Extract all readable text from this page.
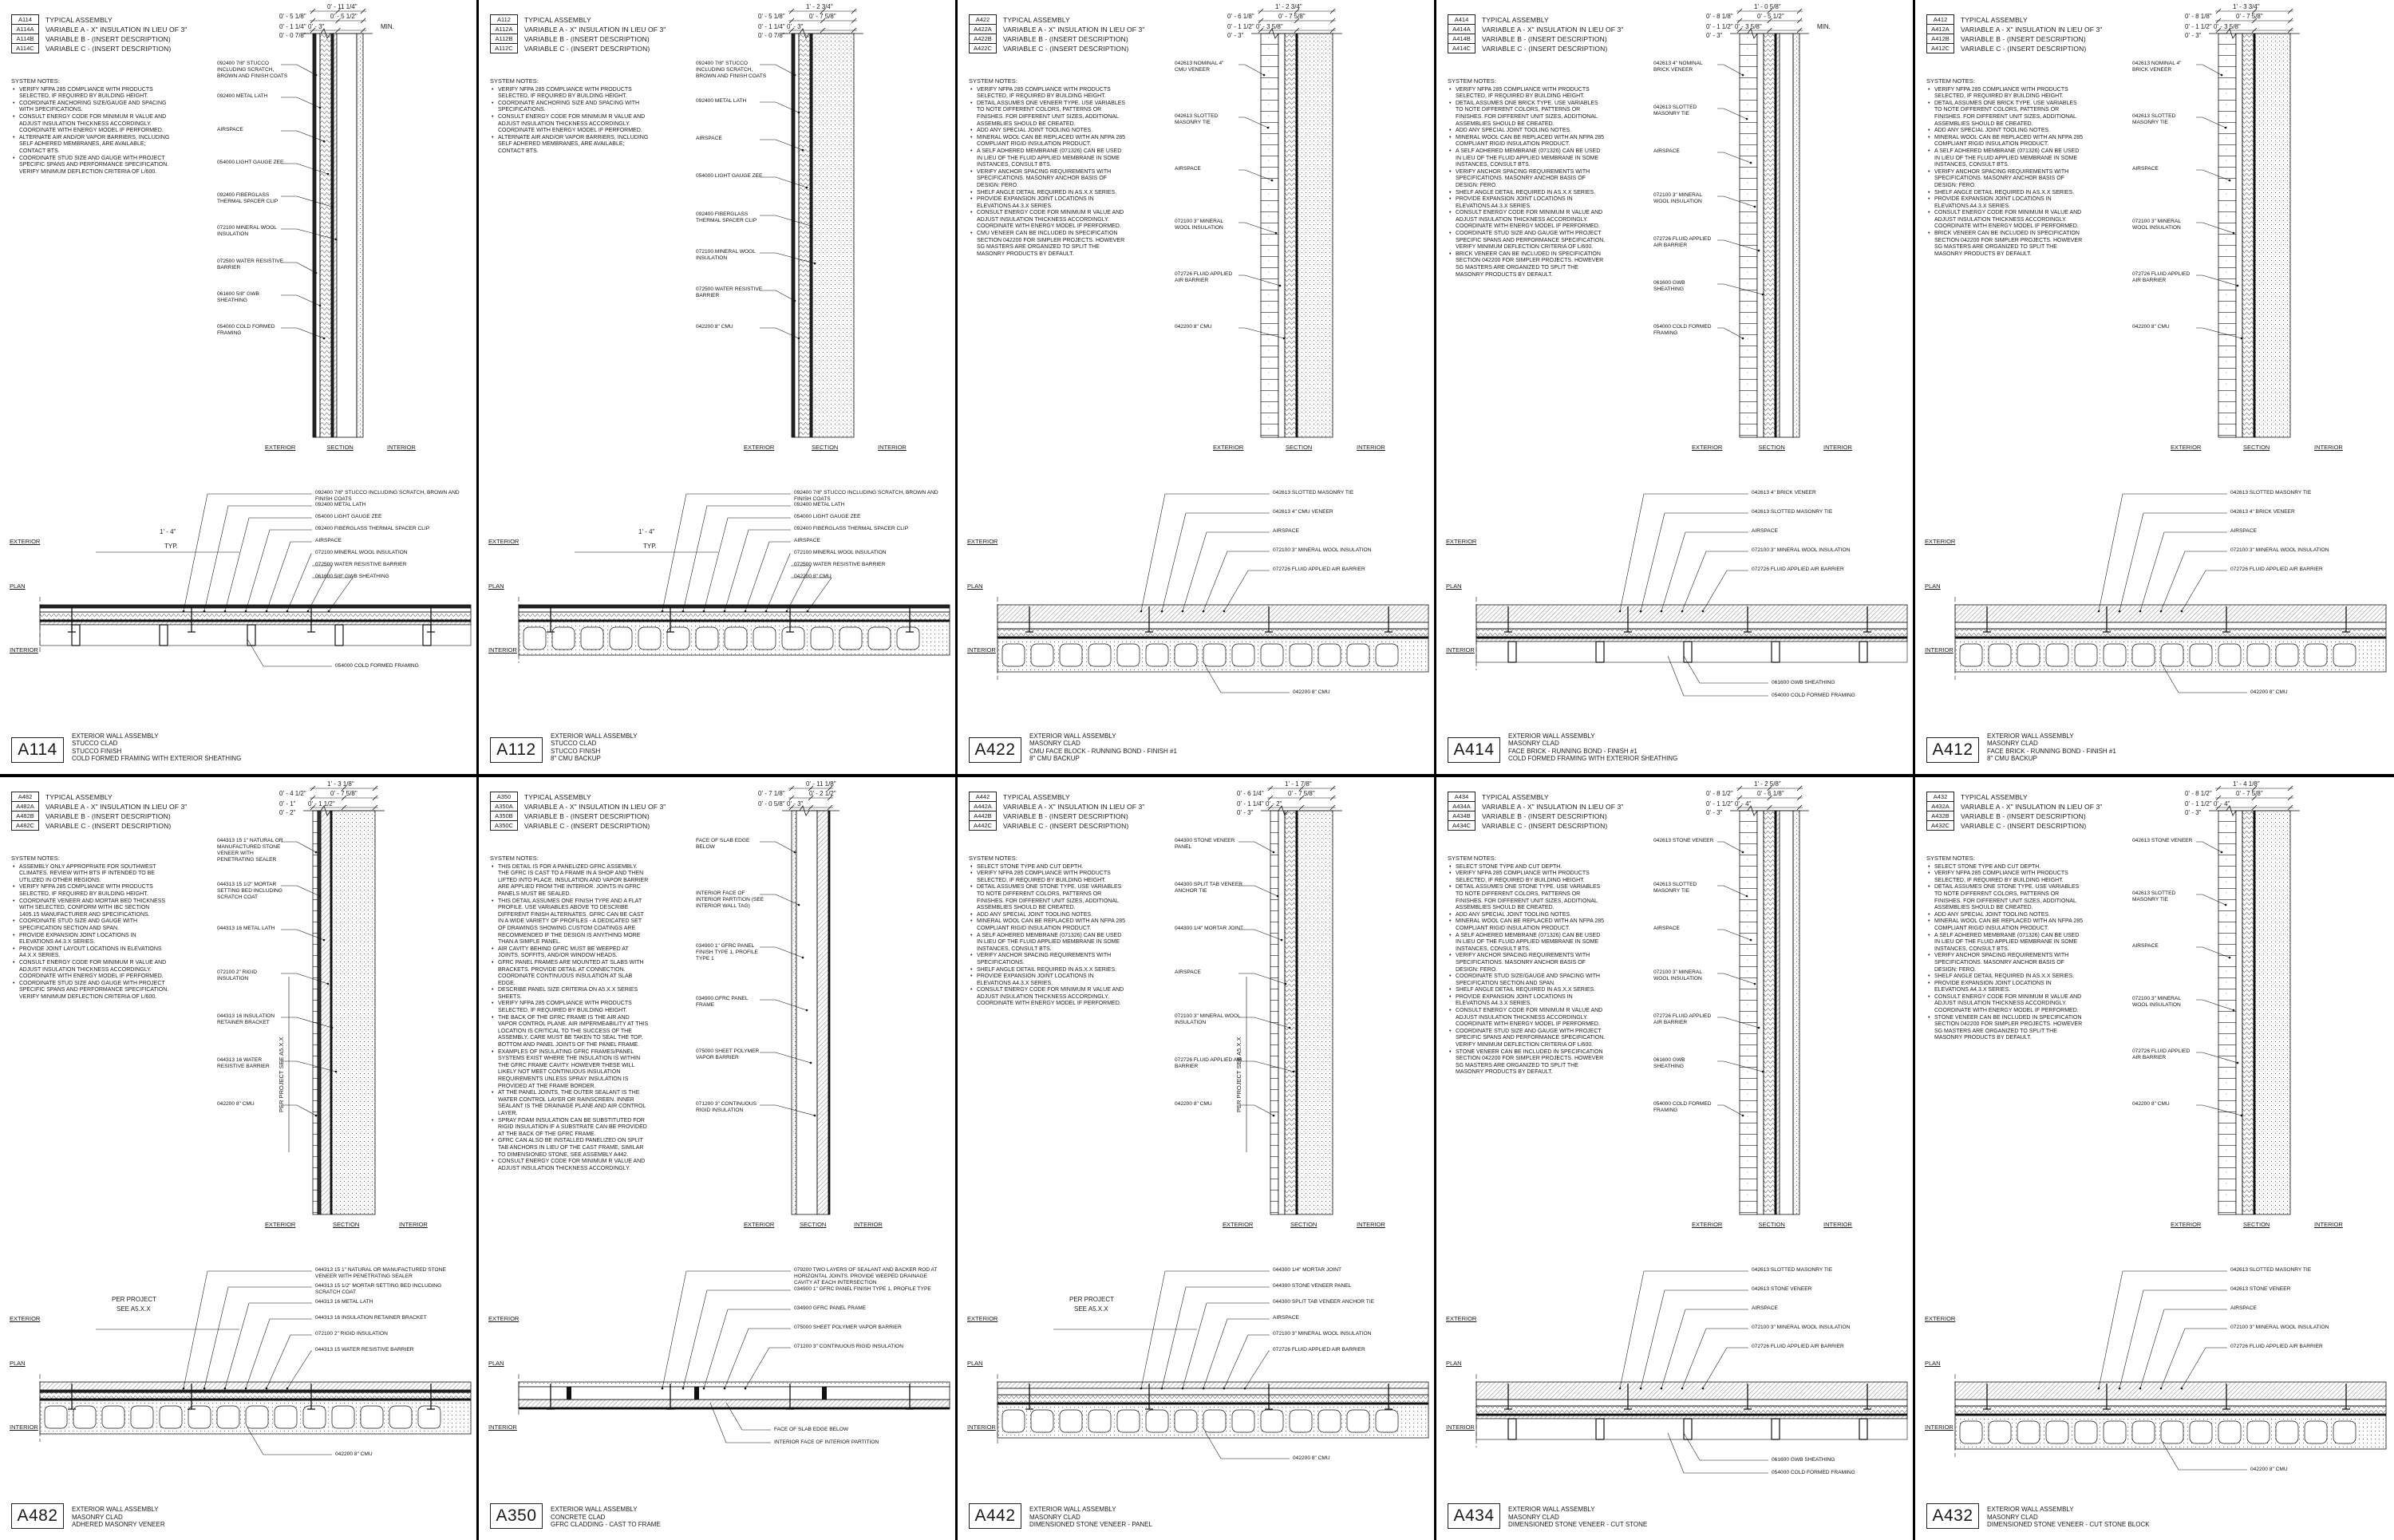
A114	TYPICAL ASSEMBLY
A114A	VARIABLE A - X" INSULATION IN LIEU OF 3"
A114B	VARIABLE B - (INSERT DESCRIPTION)
A114C	VARIABLE C - (INSERT DESCRIPTION)
SYSTEM NOTES:
• VERIFY NFPA 285 COMPLIANCE WITH PRODUCTS SELECTED, IF REQUIRED BY BUILDING HEIGHT.
• COORDINATE ANCHORING SIZE/GAUGE AND SPACING WITH SPECIFICATIONS.
• CONSULT ENERGY CODE FOR MINIMUM R VALUE AND ADJUST INSULATION THICKNESS ACCORDINGLY. COORDINATE WITH ENERGY MODEL IF PERFORMED.
• ALTERNATE AIR AND/OR VAPOR BARRIERS, INCLUDING SELF ADHERED MEMBRANES, ARE AVAILABLE; CONTACT BTS.
• COORDINATE STUD SIZE AND GAUGE WITH PROJECT SPECIFIC SPANS AND PERFORMANCE SPECIFICATION. VERIFY MINIMUM DEFLECTION CRITERIA OF L/600.
0' - 11 1/4"
0' - 5 1/8"	0' - 5 1/2"
0' - 1 1/4" 0' - 3"
0' - 0 7/8"
MIN.
092400 7/8" STUCCO INCLUDING SCRATCH, BROWN AND FINISH COATS
092400 METAL LATH
AIRSPACE
054000 LIGHT GAUGE ZEE
092400 FIBERGLASS THERMAL SPACER CLIP
072100 MINERAL WOOL INSULATION
072500 WATER RESISTIVE BARRIER
061600 5/8" GWB SHEATHING
054000 COLD FORMED FRAMING
EXTERIOR	SECTION	INTERIOR
1' - 4"
TYP.
092400 7/8" STUCCO INCLUDING SCRATCH, BROWN AND FINISH COATS
092400 METAL LATH
054000 LIGHT GAUGE ZEE
092400 FIBERGLASS THERMAL SPACER CLIP
AIRSPACE
072100 MINERAL WOOL INSULATION
072500 WATER RESISTIVE BARRIER
061600 5/8" GWB SHEATHING
054000 COLD FORMED FRAMING
EXTERIOR
PLAN
INTERIOR
A114
EXTERIOR WALL ASSEMBLY
STUCCO CLAD
STUCCO FINISH
COLD FORMED FRAMING WITH EXTERIOR SHEATHING
A112	TYPICAL ASSEMBLY
A112A	VARIABLE A - X" INSULATION IN LIEU OF 3"
A112B	VARIABLE B - (INSERT DESCRIPTION)
A112C	VARIABLE C - (INSERT DESCRIPTION)
SYSTEM NOTES:
• VERIFY NFPA 285 COMPLIANCE WITH PRODUCTS SELECTED, IF REQUIRED BY BUILDING HEIGHT.
• COORDINATE ANCHORING SIZE AND SPACING WITH SPECIFICATIONS.
• CONSULT ENERGY CODE FOR MINIMUM R VALUE AND ADJUST INSULATION THICKNESS ACCORDINGLY. COORDINATE WITH ENERGY MODEL IF PERFORMED.
• ALTERNATE AIR AND/OR VAPOR BARRIERS, INCLUDING SELF ADHERED MEMBRANES, ARE AVAILABLE; CONTACT BTS.
1' - 2 3/4"
0' - 5 1/8"	0' - 7 5/8"
0' - 1 1/4" 0' - 3"
0' - 0 7/8"
092400 7/8" STUCCO INCLUDING SCRATCH, BROWN AND FINISH COATS
092400 METAL LATH
AIRSPACE
054000 LIGHT GAUGE ZEE
092400 FIBERGLASS THERMAL SPACER CLIP
072100 MINERAL WOOL INSULATION
072500 WATER RESISTIVE BARRIER
042200 8" CMU
EXTERIOR	SECTION	INTERIOR
1' - 4"
TYP.
092400 7/8" STUCCO INCLUDING SCRATCH, BROWN AND FINISH COATS
092400 METAL LATH
054000 LIGHT GAUGE ZEE
092400 FIBERGLASS THERMAL SPACER CLIP
AIRSPACE
072100 MINERAL WOOL INSULATION
072500 WATER RESISTIVE BARRIER
042200 8" CMU
EXTERIOR
PLAN
INTERIOR
A112
EXTERIOR WALL ASSEMBLY
STUCCO CLAD
STUCCO FINISH
8" CMU BACKUP
A422	TYPICAL ASSEMBLY
A422A	VARIABLE A - X" INSULATION IN LIEU OF 3"
A422B	VARIABLE B - (INSERT DESCRIPTION)
A422C	VARIABLE C - (INSERT DESCRIPTION)
SYSTEM NOTES:
• VERIFY NFPA 285 COMPLIANCE WITH PRODUCTS SELECTED, IF REQUIRED BY BUILDING HEIGHT.
• DETAIL ASSUMES ONE VENEER TYPE. USE VARIABLES TO NOTE DIFFERENT COLORS, PATTERNS OR FINISHES. FOR DIFFERENT UNIT SIZES, ADDITIONAL ASSEMBLIES SHOULD BE CREATED.
• ADD ANY SPECIAL JOINT TOOLING NOTES.
• MINERAL WOOL CAN BE REPLACED WITH AN NFPA 285 COMPLIANT RIGID INSULATION PRODUCT.
• A SELF ADHERED MEMBRANE (071326) CAN BE USED IN LIEU OF THE FLUID APPLIED MEMBRANE IN SOME INSTANCES, CONSULT BTS.
• VERIFY ANCHOR SPACING REQUIREMENTS WITH SPECIFICATIONS. MASONRY ANCHOR BASIS OF DESIGN: FERO.
• SHELF ANGLE DETAIL REQUIRED IN AS.X.X SERIES.
• PROVIDE EXPANSION JOINT LOCATIONS IN ELEVATIONS A4.3.X SERIES.
• CONSULT ENERGY CODE FOR MINIMUM R VALUE AND ADJUST INSULATION THICKNESS ACCORDINGLY. COORDINATE WITH ENERGY MODEL IF PERFORMED.
• CMU VENEER CAN BE INCLUDED IN SPECIFICATION SECTION 042200 FOR SIMPLER PROJECTS. HOWEVER SG MASTERS ARE ORGANIZED TO SPLIT THE MASONRY PRODUCTS BY DEFAULT.
1' - 2 3/4"
0' - 6 1/8"	0' - 7 5/8"
0' - 1 1/2" 0' - 3 5/8"
0' - 3"
042613 NOMINAL 4" CMU VENEER
042613 SLOTTED MASONRY TIE
AIRSPACE
072100 3" MINERAL WOOL INSULATION
072726 FLUID APPLIED AIR BARRIER
042200 8" CMU
EXTERIOR	SECTION	INTERIOR
042613 SLOTTED MASONRY TIE
042613 4" CMU VENEER
AIRSPACE
072100 3" MINERAL WOOL INSULATION
072726 FLUID APPLIED AIR BARRIER
042200 8" CMU
EXTERIOR
PLAN
INTERIOR
A422
EXTERIOR WALL ASSEMBLY
MASONRY CLAD
CMU FACE BLOCK - RUNNING BOND - FINISH #1
8" CMU BACKUP
A414	TYPICAL ASSEMBLY
A414A	VARIABLE A - X" INSULATION IN LIEU OF 3"
A414B	VARIABLE B - (INSERT DESCRIPTION)
A414C	VARIABLE C - (INSERT DESCRIPTION)
SYSTEM NOTES:
• VERIFY NFPA 285 COMPLIANCE WITH PRODUCTS SELECTED, IF REQUIRED BY BUILDING HEIGHT.
• DETAIL ASSUMES ONE BRICK TYPE. USE VARIABLES TO NOTE DIFFERENT COLORS, PATTERNS OR FINISHES. FOR DIFFERENT UNIT SIZES, ADDITIONAL ASSEMBLIES SHOULD BE CREATED.
• ADD ANY SPECIAL JOINT TOOLING NOTES.
• MINERAL WOOL CAN BE REPLACED WITH AN NFPA 285 COMPLIANT RIGID INSULATION PRODUCT.
• A SELF ADHERED MEMBRANE (071326) CAN BE USED IN LIEU OF THE FLUID APPLIED MEMBRANE IN SOME INSTANCES, CONSULT BTS.
• VERIFY ANCHOR SPACING REQUIREMENTS WITH SPECIFICATIONS. MASONRY ANCHOR BASIS OF DESIGN: FERO.
• SHELF ANGLE DETAIL REQUIRED IN AS.X.X SERIES.
• PROVIDE EXPANSION JOINT LOCATIONS IN ELEVATIONS A4.3.X SERIES.
• CONSULT ENERGY CODE FOR MINIMUM R VALUE AND ADJUST INSULATION THICKNESS ACCORDINGLY. COORDINATE WITH ENERGY MODEL IF PERFORMED.
• COORDINATE STUD SIZE AND GAUGE WITH PROJECT SPECIFIC SPANS AND PERFORMANCE SPECIFICATION. VERIFY MINIMUM DEFLECTION CRITERIA OF L/600.
• BRICK VENEER CAN BE INCLUDED IN SPECIFICATION SECTION 042200 FOR SIMPLER PROJECTS. HOWEVER SG MASTERS ARE ORGANIZED TO SPLIT THE MASONRY PRODUCTS BY DEFAULT.
1' - 0 5/8"
0' - 8 1/8"	0' - 5 1/2"
0' - 1 1/2" 0' - 3 5/8"
0' - 3"
MIN.
042613 4" NOMINAL BRICK VENEER
042613 SLOTTED MASONRY TIE
AIRSPACE
072100 3" MINERAL WOOL INSULATION
072726 FLUID APPLIED AIR BARRIER
061600 GWB SHEATHING
054000 COLD FORMED FRAMING
EXTERIOR	SECTION	INTERIOR
042613 4" BRICK VENEER
042613 SLOTTED MASONRY TIE
AIRSPACE
072100 3" MINERAL WOOL INSULATION
072726 FLUID APPLIED AIR BARRIER
061600 GWB SHEATHING
054000 COLD FORMED FRAMING
EXTERIOR
PLAN
INTERIOR
A414
EXTERIOR WALL ASSEMBLY
MASONRY CLAD
FACE BRICK - RUNNING BOND - FINISH #1
COLD FORMED FRAMING WITH EXTERIOR SHEATHING
A412	TYPICAL ASSEMBLY
A412A	VARIABLE A - X" INSULATION IN LIEU OF 3"
A412B	VARIABLE B - (INSERT DESCRIPTION)
A412C	VARIABLE C - (INSERT DESCRIPTION)
SYSTEM NOTES:
• VERIFY NFPA 285 COMPLIANCE WITH PRODUCTS SELECTED, IF REQUIRED BY BUILDING HEIGHT.
• DETAIL ASSUMES ONE BRICK TYPE. USE VARIABLES TO NOTE DIFFERENT COLORS, PATTERNS OR FINISHES. FOR DIFFERENT UNIT SIZES, ADDITIONAL ASSEMBLIES SHOULD BE CREATED.
• ADD ANY SPECIAL JOINT TOOLING NOTES.
• MINERAL WOOL CAN BE REPLACED WITH AN NFPA 285 COMPLIANT RIGID INSULATION PRODUCT.
• A SELF ADHERED MEMBRANE (071326) CAN BE USED IN LIEU OF THE FLUID APPLIED MEMBRANE IN SOME INSTANCES, CONSULT BTS.
• VERIFY ANCHOR SPACING REQUIREMENTS WITH SPECIFICATIONS. MASONRY ANCHOR BASIS OF DESIGN: FERO.
• SHELF ANGLE DETAIL REQUIRED IN AS.X.X SERIES.
• PROVIDE EXPANSION JOINT LOCATIONS IN ELEVATIONS A4.3.X SERIES.
• CONSULT ENERGY CODE FOR MINIMUM R VALUE AND ADJUST INSULATION THICKNESS ACCORDINGLY. COORDINATE WITH ENERGY MODEL IF PERFORMED.
• BRICK VENEER CAN BE INCLUDED IN SPECIFICATION SECTION 042200 FOR SIMPLER PROJECTS. HOWEVER SG MASTERS ARE ORGANIZED TO SPLIT THE MASONRY PRODUCTS BY DEFAULT.
1' - 3 3/4"
0' - 8 1/8"	0' - 7 5/8"
0' - 1 1/2" 0' - 3 5/8"
0' - 3"
042613 NOMINAL 4" BRICK VENEER
042613 SLOTTED MASONRY TIE
AIRSPACE
072100 3" MINERAL WOOL INSULATION
072726 FLUID APPLIED AIR BARRIER
042200 8" CMU
EXTERIOR	SECTION	INTERIOR
042613 SLOTTED MASONRY TIE
042613 4" BRICK VENEER
AIRSPACE
072100 3" MINERAL WOOL INSULATION
072726 FLUID APPLIED AIR BARRIER
042200 8" CMU
EXTERIOR
PLAN
INTERIOR
A412
EXTERIOR WALL ASSEMBLY
MASONRY CLAD
FACE BRICK - RUNNING BOND - FINISH #1
8" CMU BACKUP
A482	TYPICAL ASSEMBLY
A482A	VARIABLE A - X" INSULATION IN LIEU OF 3"
A482B	VARIABLE B - (INSERT DESCRIPTION)
A482C	VARIABLE C - (INSERT DESCRIPTION)
SYSTEM NOTES:
• ASSEMBLY ONLY APPROPRIATE FOR SOUTHWEST CLIMATES. REVIEW WITH BTS IF INTENDED TO BE UTILIZED IN OTHER REGIONS.
• VERIFY NFPA 285 COMPLIANCE WITH PRODUCTS SELECTED, IF REQUIRED BY BUILDING HEIGHT.
• COORDINATE VENEER AND MORTAR BED THICKNESS WITH SELECTED, CONFORM WITH IBC SECTION 1405.15 MANUFACTURER AND SPECIFICATIONS.
• COORDINATE STUD SIZE AND GAUGE WITH SPECIFICATION SECTION AND SPAN.
• PROVIDE EXPANSION JOINT LOCATIONS IN ELEVATIONS A4.3.X SERIES.
• PROVIDE JOINT LAYOUT LOCATIONS IN ELEVATIONS A4.X.X SERIES.
• CONSULT ENERGY CODE FOR MINIMUM R VALUE AND ADJUST INSULATION THICKNESS ACCORDINGLY. COORDINATE WITH ENERGY MODEL IF PERFORMED.
• COORDINATE STUD SIZE AND GAUGE WITH PROJECT SPECIFIC SPANS AND PERFORMANCE SPECIFICATION. VERIFY MINIMUM DEFLECTION CRITERIA OF L/600.
1' - 3 1/8"
0' - 4 1/2"	0' - 7 5/8"
0' - 1" 0' - 1 1/2"
0' - 2"
044313 15 1" NATURAL OR MANUFACTURED STONE VENEER WITH PENETRATING SEALER
044313 15 1/2" MORTAR SETTING BED INCLUDING SCRATCH COAT
044313 16 METAL LATH
072100 2" RIGID INSULATION
044313 16 INSULATION RETAINER BRACKET
044313 16 WATER RESISTIVE BARRIER
042200 8" CMU	PER PROJECT SEE A5.X.X
EXTERIOR	SECTION	INTERIOR
PER PROJECT
SEE A5.X.X
044313 15 1" NATURAL OR MANUFACTURED STONE VENEER WITH PENETRATING SEALER
044313 15 1/2" MORTAR SETTING BED INCLUDING SCRATCH COAT
044313 16 METAL LATH
044313 16 INSULATION RETAINER BRACKET
072100 2" RIGID INSULATION
044313 15 WATER RESISTIVE BARRIER
042200 8" CMU
EXTERIOR
PLAN
INTERIOR
A482	EXTERIOR WALL ASSEMBLY
MASONRY CLAD
ADHERED MASONRY VENEER
A350	TYPICAL ASSEMBLY
A350A	VARIABLE A - X" INSULATION IN LIEU OF 3"
A350B	VARIABLE B - (INSERT DESCRIPTION)
A350C	VARIABLE C - (INSERT DESCRIPTION)
SYSTEM NOTES:
• THIS DETAIL IS FOR A PANELIZED GFRC ASSEMBLY. THE GFRC IS CAST TO A FRAME IN A SHOP AND THEN LIFTED INTO PLACE. INSULATION AND VAPOR BARRIER ARE APPLIED FROM THE INTERIOR. JOINTS IN GFRC PANELS MUST BE SEALED.
• THIS DETAIL ASSUMES ONE FINISH TYPE AND A FLAT PROFILE. USE VARIABLES ABOVE TO DESCRIBE DIFFERENT FINISH ALTERNATES. GFRC CAN BE CAST IN A WIDE VARIETY OF PROFILES - A DEDICATED SET OF DRAWINGS SHOWING CUSTOM COATINGS ARE RECOMMENDED IF THE DESIGN IS ANYTHING MORE THAN A SIMPLE PANEL.
• AIR CAVITY BEHIND GFRC MUST BE WEEPED AT JOINTS, SOFFITS, AND/OR WINDOW HEADS.
• GFRC PANEL FRAMES ARE MOUNTED AT SLABS WITH BRACKETS. PROVIDE DETAIL AT CONNECTION. COORDINATE CONTINUOUS INSULATION AT SLAB EDGE.
• DESCRIBE PANEL SIZE CRITERIA ON A5.X.X SERIES SHEETS.
• VERIFY NFPA 285 COMPLIANCE WITH PRODUCTS SELECTED, IF REQUIRED BY BUILDING HEIGHT.
• THE BACK OF THE GFRC FRAME IS THE AIR AND VAPOR CONTROL PLANE. AIR IMPERMEABILITY AT THIS LOCATION IS CRITICAL TO THE SUCCESS OF THE ASSEMBLY. CARE MUST BE TAKEN TO SEAL THE TOP, BOTTOM AND PANEL JOINTS OF THE PANEL FRAME.
• EXAMPLES OF INSULATING GFRC FRAMES/PANEL SYSTEMS EXIST WHERE THE INSULATION IS WITHIN THE GFRC FRAME CAVITY. HOWEVER THESE WILL LIKELY NOT MEET CONTINUOUS INSULATION REQUIREMENTS UNLESS SPRAY INSULATION IS PROVIDED AT THE FRAME BORDER.
• AT THE PANEL JOINTS, THE OUTER SEALANT IS THE WATER CONTROL LAYER OR RAINSCREEN. INNER SEALANT IS THE DRAINAGE PLANE AND AIR CONTROL LAYER.
• SPRAY FOAM INSULATION CAN BE SUBSTITUTED FOR RIGID INSULATION IF A SUBSTRATE CAN BE PROVIDED AT THE BACK OF THE GFRC FRAME.
• GFRC CAN ALSO BE INSTALLED PANELIZED ON SPLIT TAB ANCHORS IN LIEU OF THE CAST FRAME, SIMILAR TO DIMENSIONED STONE, SEE ASSEMBLY A442.
• CONSULT ENERGY CODE FOR MINIMUM R VALUE AND ADJUST INSULATION THICKNESS ACCORDINGLY.
0' - 11 1/8"
0' - 7 1/8"	0' - 2 1/2"
0' - 0 5/8" 0' - 3"
FACE OF SLAB EDGE BELOW
INTERIOR FACE OF INTERIOR PARTITION (SEE INTERIOR WALL TAG)
034900 1" GFRC PANEL FINISH TYPE 1, PROFILE TYPE 1
034900 GFRC PANEL FRAME
075000 SHEET POLYMER VAPOR BARRIER
071200 3" CONTINUOUS RIGID INSULATION
EXTERIOR	SECTION	INTERIOR
079200 TWO LAYERS OF SEALANT AND BACKER ROD AT HORIZONTAL JOINTS. PROVIDE WEEPED DRAINAGE CAVITY AT EACH INTERSECTION
034900 1" GFRC PANEL FINISH TYPE 1, PROFILE TYPE
034900 GFRC PANEL FRAME
075000 SHEET POLYMER VAPOR BARRIER
071200 3" CONTINUOUS RIGID INSULATION
FACE OF SLAB EDGE BELOW
INTERIOR FACE OF INTERIOR PARTITION
EXTERIOR
PLAN
INTERIOR
A350	EXTERIOR WALL ASSEMBLY
CONCRETE CLAD
GFRC CLADDING - CAST TO FRAME
A442	TYPICAL ASSEMBLY
A442A	VARIABLE A - X" INSULATION IN LIEU OF 3"
A442B	VARIABLE B - (INSERT DESCRIPTION)
A442C	VARIABLE C - (INSERT DESCRIPTION)
SYSTEM NOTES:
• SELECT STONE TYPE AND CUT DEPTH.
• VERIFY NFPA 285 COMPLIANCE WITH PRODUCTS SELECTED, IF REQUIRED BY BUILDING HEIGHT.
• DETAIL ASSUMES ONE STONE TYPE. USE VARIABLES TO NOTE DIFFERENT COLORS, PATTERNS OR FINISHES. FOR DIFFERENT UNIT SIZES, ADDITIONAL ASSEMBLIES SHOULD BE CREATED.
• ADD ANY SPECIAL JOINT TOOLING NOTES.
• MINERAL WOOL CAN BE REPLACED WITH AN NFPA 285 COMPLIANT RIGID INSULATION PRODUCT.
• A SELF ADHERED MEMBRANE (071326) CAN BE USED IN LIEU OF THE FLUID APPLIED MEMBRANE IN SOME INSTANCES, CONSULT BTS.
• VERIFY ANCHOR SPACING REQUIREMENTS WITH SPECIFICATIONS.
• SHELF ANGLE DETAIL REQUIRED IN AS.X.X SERIES.
• PROVIDE EXPANSION JOINT LOCATIONS IN ELEVATIONS A4.3.X SERIES.
• CONSULT ENERGY CODE FOR MINIMUM R VALUE AND ADJUST INSULATION THICKNESS ACCORDINGLY. COORDINATE WITH ENERGY MODEL IF PERFORMED.
1' - 1 7/8"
0' - 6 1/4"	0' - 7 5/8"
0' - 1 1/4" 0' - 2"
0' - 3"
044300 STONE VENEER PANEL
044300 SPLIT TAB VENEER ANCHOR TIE
044300 1/4" MORTAR JOINT
AIRSPACE
072100 3" MINERAL WOOL INSULATION
072726 FLUID APPLIED AIR BARRIER
042200 8" CMU	PER PROJECT SEE A5.X.X
EXTERIOR	SECTION	INTERIOR
PER PROJECT
SEE A5.X.X
044300 1/4" MORTAR JOINT
044300 STONE VENEER PANEL
044300 SPLIT TAB VENEER ANCHOR TIE
AIRSPACE
072100 3" MINERAL WOOL INSULATION
072726 FLUID APPLIED AIR BARRIER
042200 8" CMU
EXTERIOR
PLAN
INTERIOR
A442	EXTERIOR WALL ASSEMBLY
MASONRY CLAD
DIMENSIONED STONE VENEER - PANEL
A434	TYPICAL ASSEMBLY
A434A	VARIABLE A - X" INSULATION IN LIEU OF 3"
A434B	VARIABLE B - (INSERT DESCRIPTION)
A434C	VARIABLE C - (INSERT DESCRIPTION)
SYSTEM NOTES:
• SELECT STONE TYPE AND CUT DEPTH.
• VERIFY NFPA 285 COMPLIANCE WITH PRODUCTS SELECTED, IF REQUIRED BY BUILDING HEIGHT.
• DETAIL ASSUMES ONE STONE TYPE. USE VARIABLES TO NOTE DIFFERENT COLORS, PATTERNS OR FINISHES. FOR DIFFERENT UNIT SIZES, ADDITIONAL ASSEMBLIES SHOULD BE CREATED.
• ADD ANY SPECIAL JOINT TOOLING NOTES.
• MINERAL WOOL CAN BE REPLACED WITH AN NFPA 285 COMPLIANT RIGID INSULATION PRODUCT.
• A SELF ADHERED MEMBRANE (071326) CAN BE USED IN LIEU OF THE FLUID APPLIED MEMBRANE IN SOME INSTANCES, CONSULT BTS.
• VERIFY ANCHOR SPACING REQUIREMENTS WITH SPECIFICATIONS. MASONRY ANCHOR BASIS OF DESIGN: FERO.
• COORDINATE STUD SIZE/GAUGE AND SPACING WITH SPECIFICATION SECTION AND SPAN.
• SHELF ANGLE DETAIL REQUIRED IN AS.X.X SERIES.
• PROVIDE EXPANSION JOINT LOCATIONS IN ELEVATIONS A4.3.X SERIES.
• CONSULT ENERGY CODE FOR MINIMUM R VALUE AND ADJUST INSULATION THICKNESS ACCORDINGLY. COORDINATE WITH ENERGY MODEL IF PERFORMED.
• COORDINATE STUD SIZE AND GAUGE WITH PROJECT SPECIFIC SPANS AND PERFORMANCE SPECIFICATION. VERIFY MINIMUM DEFLECTION CRITERIA OF L/600.
• STONE VENEER CAN BE INCLUDED IN SPECIFICATION SECTION 042200 FOR SIMPLER PROJECTS. HOWEVER SG MASTERS ARE ORGANIZED TO SPLIT THE MASONRY PRODUCTS BY DEFAULT.
1' - 2 5/8"
0' - 8 1/2"	0' - 6 1/8"
0' - 1 1/2" 0' - 4"
0' - 3"
042613 STONE VENEER
042613 SLOTTED MASONRY TIE
AIRSPACE
072100 3" MINERAL WOOL INSULATION
072726 FLUID APPLIED AIR BARRIER
061600 GWB SHEATHING
054000 COLD FORMED FRAMING
EXTERIOR	SECTION	INTERIOR
042613 SLOTTED MASONRY TIE
042613 STONE VENEER
AIRSPACE
072100 3" MINERAL WOOL INSULATION
072726 FLUID APPLIED AIR BARRIER
061600 GWB SHEATHING
054000 COLD FORMED FRAMING
EXTERIOR
PLAN
INTERIOR
A434	EXTERIOR WALL ASSEMBLY
MASONRY CLAD
DIMENSIONED STONE VENEER - CUT STONE
A432	TYPICAL ASSEMBLY
A432A	VARIABLE A - X" INSULATION IN LIEU OF 3"
A432B	VARIABLE B - (INSERT DESCRIPTION)
A432C	VARIABLE C - (INSERT DESCRIPTION)
SYSTEM NOTES:
• SELECT STONE TYPE AND CUT DEPTH.
• VERIFY NFPA 285 COMPLIANCE WITH PRODUCTS SELECTED, IF REQUIRED BY BUILDING HEIGHT.
• DETAIL ASSUMES ONE STONE TYPE. USE VARIABLES TO NOTE DIFFERENT COLORS, PATTERNS OR FINISHES. FOR DIFFERENT UNIT SIZES, ADDITIONAL ASSEMBLIES SHOULD BE CREATED.
• ADD ANY SPECIAL JOINT TOOLING NOTES.
• MINERAL WOOL CAN BE REPLACED WITH AN NFPA 285 COMPLIANT RIGID INSULATION PRODUCT.
• A SELF ADHERED MEMBRANE (071326) CAN BE USED IN LIEU OF THE FLUID APPLIED MEMBRANE IN SOME INSTANCES, CONSULT BTS.
• VERIFY ANCHOR SPACING REQUIREMENTS WITH SPECIFICATIONS. MASONRY ANCHOR BASIS OF DESIGN: FERO.
• SHELF ANGLE DETAIL REQUIRED IN AS.X.X SERIES.
• PROVIDE EXPANSION JOINT LOCATIONS IN ELEVATIONS A4.3.X SERIES.
• CONSULT ENERGY CODE FOR MINIMUM R VALUE AND ADJUST INSULATION THICKNESS ACCORDINGLY. COORDINATE WITH ENERGY MODEL IF PERFORMED.
• STONE VENEER CAN BE INCLUDED IN SPECIFICATION SECTION 042200 FOR SIMPLER PROJECTS. HOWEVER SG MASTERS ARE ORGANIZED TO SPLIT THE MASONRY PRODUCTS BY DEFAULT.
1' - 4 1/8"
0' - 8 1/2"	0' - 7 5/8"
0' - 1 1/2" 0' - 4"
0' - 3"
042613 STONE VENEER
042613 SLOTTED MASONRY TIE
AIRSPACE
072100 3" MINERAL WOOL INSULATION
072726 FLUID APPLIED AIR BARRIER
042200 8" CMU
EXTERIOR	SECTION	INTERIOR
042613 SLOTTED MASONRY TIE
042613 STONE VENEER
AIRSPACE
072100 3" MINERAL WOOL INSULATION
072726 FLUID APPLIED AIR BARRIER
042200 8" CMU
EXTERIOR
PLAN
INTERIOR
A432	EXTERIOR WALL ASSEMBLY
MASONRY CLAD
DIMENSIONED STONE VENEER - CUT STONE BLOCK
